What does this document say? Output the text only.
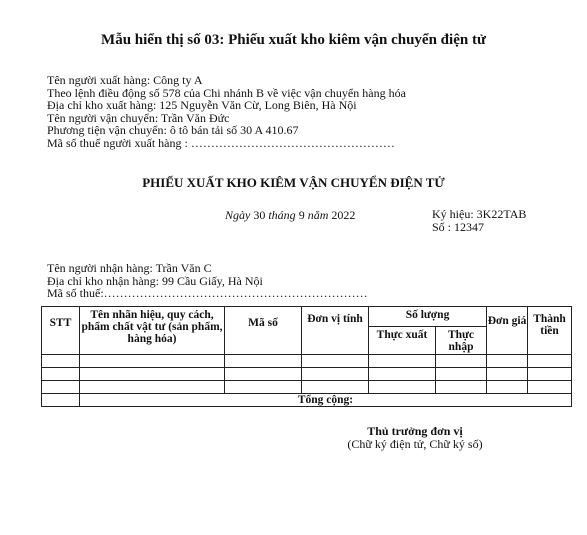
Mẫu hiển thị số 03: Phiếu xuất kho kiêm vận chuyển điện tử
Tên người xuất hàng: Công ty A
Theo lệnh điều động số 578 của Chi nhánh B về việc vận chuyển hàng hóa
Địa chỉ kho xuất hàng: 125 Nguyễn Văn Cừ, Long Biên, Hà Nội
Tên người vận chuyển: Trần Văn Đức
Phương tiện vận chuyển: ô tô bán tải số 30 A 410.67
Mã số thuế người xuất hàng : ……………………………………………
PHIẾU XUẤT KHO KIÊM VẬN CHUYỂN ĐIỆN TỬ
Ngày 30 tháng 9 năm 2022	Ký hiệu: 3K22TAB
Số : 12347
Tên người nhận hàng: Trần Văn C
Địa chỉ kho nhận hàng: 99 Cầu Giấy, Hà Nội
Mã số thuế:…………………………………………………………
STT	Tên nhãn hiệu, quy cách, phẩm chất vật tư (sản phẩm, hàng hóa)	Mã số	Đơn vị tính	Số lượng		Đơn giá	Thành tiền
				Thực xuất	Thực nhập		

	Tổng cộng:						
Thủ trưởng đơn vị
(Chữ ký điện tử, Chữ ký số)
